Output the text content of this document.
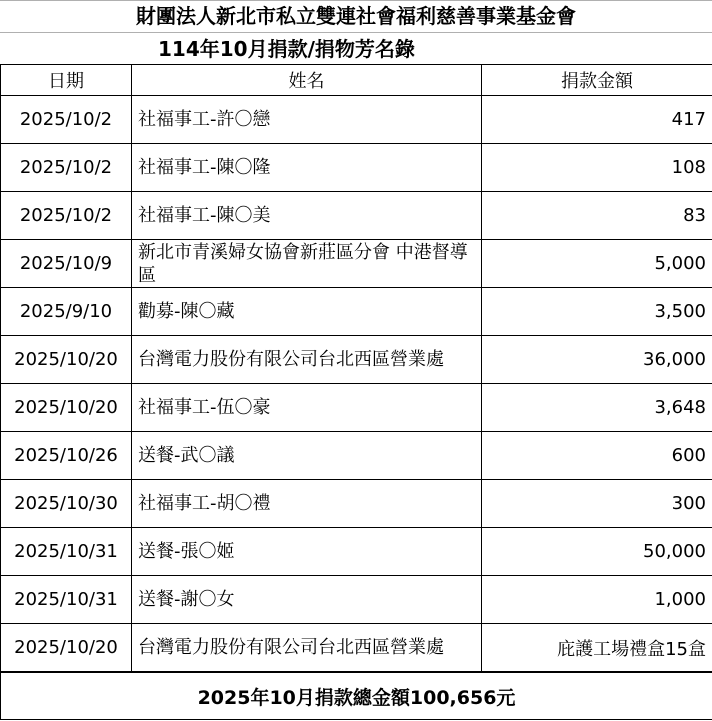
財團法人新北市私立雙連社會福利慈善事業基金會
114年10月捐款/捐物芳名錄
日期	姓名	捐款金額
2025/10/2	社福事工-許〇戀	417
2025/10/2	社福事工-陳〇隆	108
2025/10/2	社福事工-陳〇美	83
2025/10/9	新北市青溪婦女協會新莊區分會 中港督導區	5,000
2025/9/10	勸募-陳〇藏	3,500
2025/10/20	台灣電力股份有限公司台北西區營業處	36,000
2025/10/20	社福事工-伍〇豪	3,648
2025/10/26	送餐-武〇議	600
2025/10/30	社福事工-胡〇禮	300
2025/10/31	送餐-張〇姬	50,000
2025/10/31	送餐-謝〇女	1,000
2025/10/20	台灣電力股份有限公司台北西區營業處	庇護工場禮盒15盒
2025年10月捐款總金額100,656元		
